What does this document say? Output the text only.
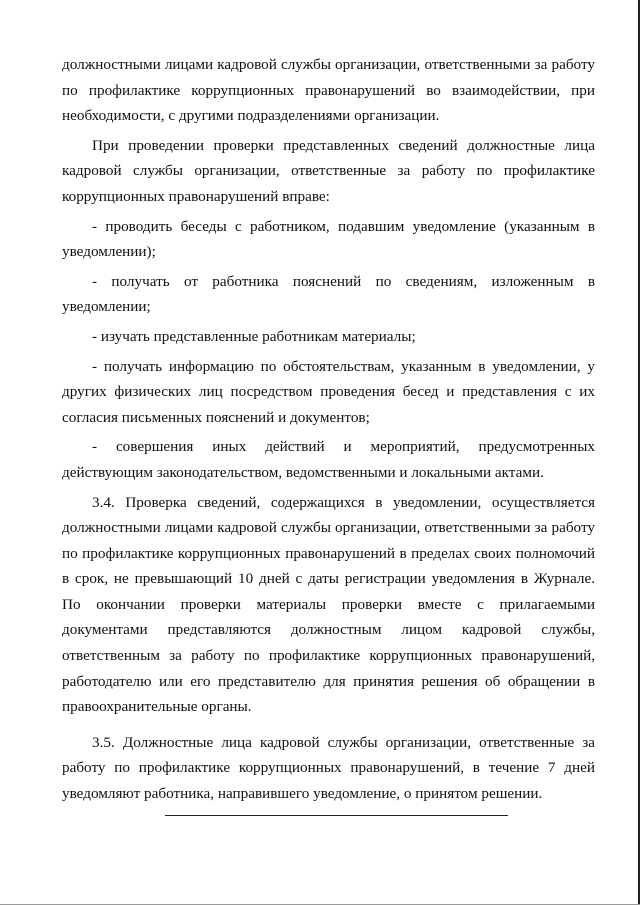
должностными лицами кадровой службы организации, ответственными за работу по профилактике коррупционных правонарушений во взаимодействии, при необходимости, с другими подразделениями организации.

При проведении проверки представленных сведений должностные лица кадровой службы организации, ответственные за работу по профилактике коррупционных правонарушений вправе:

- проводить беседы с работником, подавшим уведомление (указанным в уведомлении);

- получать от работника пояснений по сведениям, изложенным в уведомлении;

- изучать представленные работникам материалы;

- получать информацию по обстоятельствам, указанным в уведомлении, у других физических лиц посредством проведения бесед и представления с их согласия письменных пояснений и документов;

- совершения иных действий и мероприятий, предусмотренных действующим законодательством, ведомственными и локальными актами.

3.4. Проверка сведений, содержащихся в уведомлении, осуществляется должностными лицами кадровой службы организации, ответственными за работу по профилактике коррупционных правонарушений в пределах своих полномочий в срок, не превышающий 10 дней с даты регистрации уведомления в Журнале. По окончании проверки материалы проверки вместе с прилагаемыми документами представляются должностным лицом кадровой службы, ответственным за работу по профилактике коррупционных правонарушений, работодателю или его представителю для принятия решения об обращении в правоохранительные органы.

3.5. Должностные лица кадровой службы организации, ответственные за работу по профилактике коррупционных правонарушений, в течение 7 дней уведомляют работника, направившего уведомление, о принятом решении.
